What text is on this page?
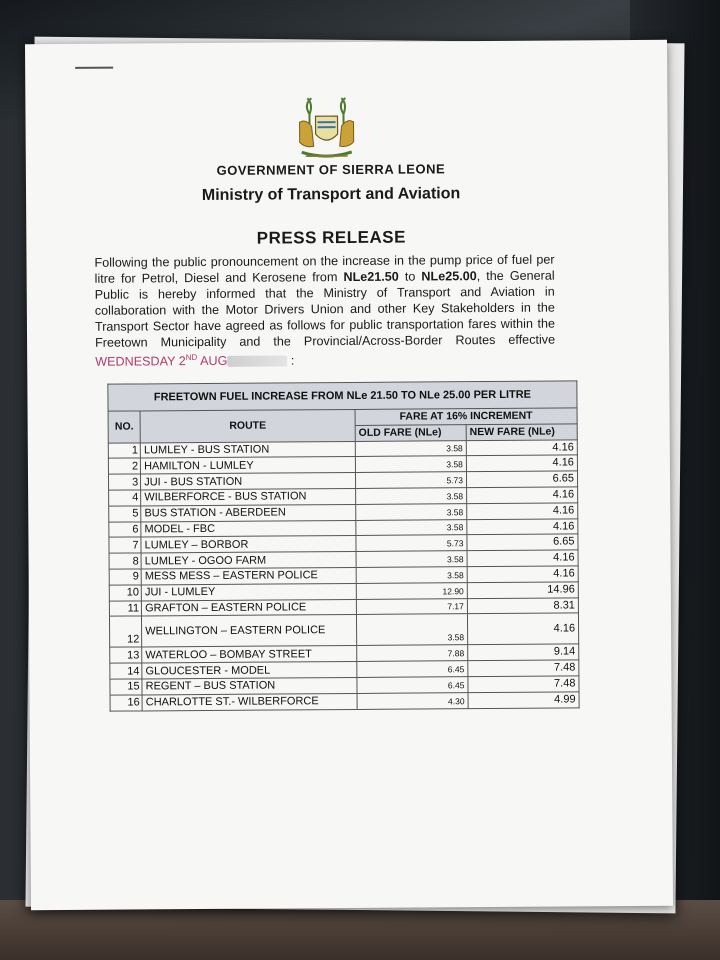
GOVERNMENT OF SIERRA LEONE
Ministry of Transport and Aviation
PRESS RELEASE
Following the public pronouncement on the increase in the pump price of fuel per litre for Petrol, Diesel and Kerosene from NLe21.50 to NLe25.00, the General Public is hereby informed that the Ministry of Transport and Aviation in collaboration with the Motor Drivers Union and other Key Stakeholders in the Transport Sector have agreed as follows for public transportation fares within the Freetown Municipality and the Provincial/Across-Border Routes effective WEDNESDAY 2ND AUG	:
FREETOWN FUEL INCREASE FROM NLe 21.50 TO NLe 25.00 PER LITRE			
NO.	ROUTE	FARE AT 16% INCREMENT	
		OLD FARE (NLe)	NEW FARE (NLe)
1	LUMLEY - BUS STATION	3.58	4.16
2	HAMILTON - LUMLEY	3.58	4.16
3	JUI - BUS STATION	5.73	6.65
4	WILBERFORCE - BUS STATION	3.58	4.16
5	BUS STATION - ABERDEEN	3.58	4.16
6	MODEL - FBC	3.58	4.16
7	LUMLEY – BORBOR	5.73	6.65
8	LUMLEY - OGOO FARM	3.58	4.16
9	MESS MESS – EASTERN POLICE	3.58	4.16
10	JUI - LUMLEY	12.90	14.96
11	GRAFTON – EASTERN POLICE	7.17	8.31
12	WELLINGTON – EASTERN POLICE	3.58	4.16
13	WATERLOO – BOMBAY STREET	7.88	9.14
14	GLOUCESTER - MODEL	6.45	7.48
15	REGENT – BUS STATION	6.45	7.48
16	CHARLOTTE ST.- WILBERFORCE	4.30	4.99
